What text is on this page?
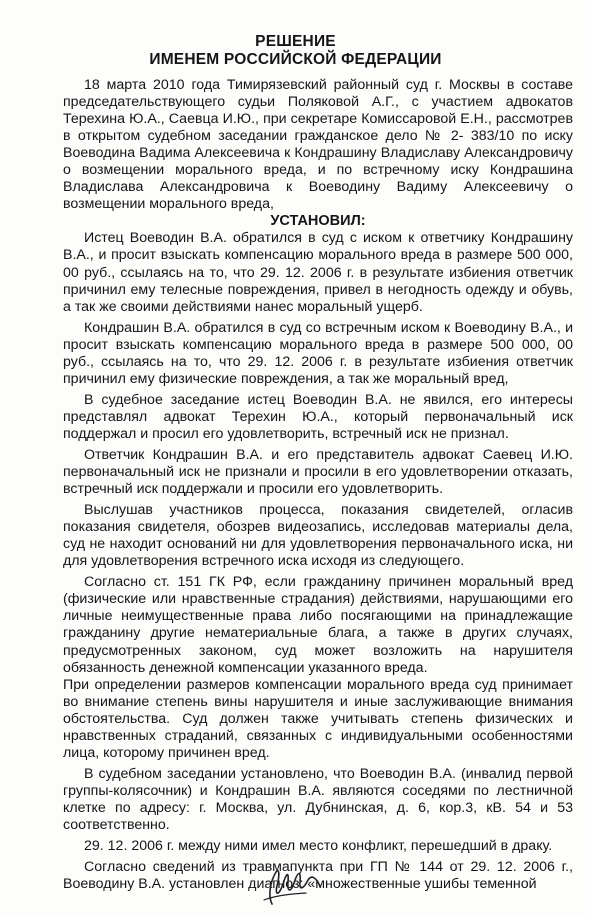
РЕШЕНИЕ
ИМЕНЕМ РОССИЙСКОЙ ФЕДЕРАЦИИ

18 марта 2010 года Тимирязевский районный суд г. Москвы в составе председательствующего судьи Поляковой А.Г., с участием адвокатов Терехина Ю.А., Саевца И.Ю., при секретаре Комиссаровой Е.Н., рассмотрев в открытом судебном заседании гражданское дело № 2- 383/10 по иску Воеводина Вадима Алексеевича к Кондрашину Владиславу Александровичу о возмещении морального вреда, и по встречному иску Кондрашина Владислава Александровича к Воеводину Вадиму Алексеевичу о возмещении морального вреда,

УСТАНОВИЛ:

Истец Воеводин В.А. обратился в суд с иском к ответчику Кондрашину В.А., и просит взыскать компенсацию морального вреда в размере 500 000, 00 руб., ссылаясь на то, что 29. 12. 2006 г. в результате избиения ответчик причинил ему телесные повреждения, привел в негодность одежду и обувь, а так же своими действиями нанес моральный ущерб.

Кондрашин В.А. обратился в суд со встречным иском к Воеводину В.А., и просит взыскать компенсацию морального вреда в размере 500 000, 00 руб., ссылаясь на то, что 29. 12. 2006 г. в результате избиения ответчик причинил ему физические повреждения, а так же моральный вред,

В судебное заседание истец Воеводин В.А. не явился, его интересы представлял адвокат Терехин Ю.А., который первоначальный иск поддержал и просил его удовлетворить, встречный иск не признал.

Ответчик Кондрашин В.А. и его представитель адвокат Саевец И.Ю. первоначальный иск не признали и просили в его удовлетворении отказать, встречный иск поддержали и просили его удовлетворить.

Выслушав участников процесса, показания свидетелей, огласив показания свидетеля, обозрев видеозапись, исследовав материалы дела, суд не находит оснований ни для удовлетворения первоначального иска, ни для удовлетворения встречного иска исходя из следующего.

Согласно ст. 151 ГК РФ, если гражданину причинен моральный вред (физические или нравственные страдания) действиями, нарушающими его личные неимущественные права либо посягающими на принадлежащие гражданину другие нематериальные блага, а также в других случаях, предусмотренных законом, суд может возложить на нарушителя обязанность денежной компенсации указанного вреда.

При определении размеров компенсации морального вреда суд принимает во внимание степень вины нарушителя и иные заслуживающие внимания обстоятельства. Суд должен также учитывать степень физических и нравственных страданий, связанных с индивидуальными особенностями лица, которому причинен вред.

В судебном заседании установлено, что Воеводин В.А. (инвалид первой группы-колясочник) и Кондрашин В.А. являются соседями по лестничной клетке по адресу: г. Москва, ул. Дубнинская, д. 6, кор.3, кВ. 54 и 53 соответственно.

29. 12. 2006 г. между ними имел место конфликт, перешедший в драку.

Согласно сведений из травмапункта при ГП № 144 от 29. 12. 2006 г., Воеводину В.А. установлен диагноз: «множественные ушибы теменной
